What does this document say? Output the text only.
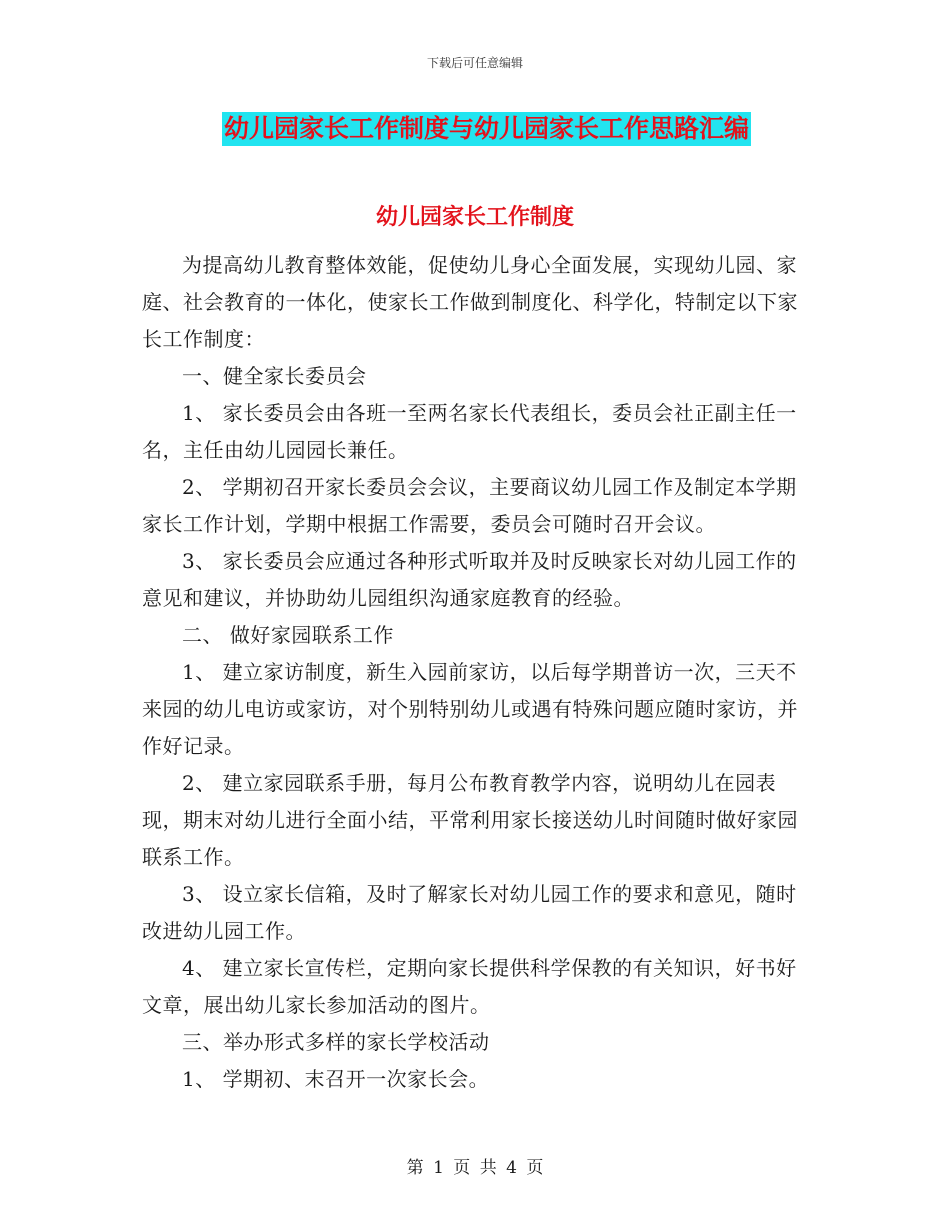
下载后可任意编辑
幼儿园家长工作制度与幼儿园家长工作思路汇编
幼儿园家长工作制度

为提高幼儿教育整体效能，促使幼儿身心全面发展，实现幼儿园、家庭、社会教育的一体化，使家长工作做到制度化、科学化，特制定以下家长工作制度：

一、健全家长委员会

1、 家长委员会由各班一至两名家长代表组长，委员会社正副主任一名，主任由幼儿园园长兼任。

2、 学期初召开家长委员会会议，主要商议幼儿园工作及制定本学期家长工作计划，学期中根据工作需要，委员会可随时召开会议。

3、 家长委员会应通过各种形式听取并及时反映家长对幼儿园工作的意见和建议，并协助幼儿园组织沟通家庭教育的经验。

二、 做好家园联系工作

1、 建立家访制度，新生入园前家访，以后每学期普访一次，三天不来园的幼儿电访或家访，对个别特别幼儿或遇有特殊问题应随时家访，并作好记录。

2、 建立家园联系手册，每月公布教育教学内容，说明幼儿在园表现，期末对幼儿进行全面小结，平常利用家长接送幼儿时间随时做好家园联系工作。

3、 设立家长信箱，及时了解家长对幼儿园工作的要求和意见，随时改进幼儿园工作。

4、 建立家长宣传栏，定期向家长提供科学保教的有关知识，好书好文章，展出幼儿家长参加活动的图片。

三、举办形式多样的家长学校活动

1、 学期初、末召开一次家长会。

第 1 页 共 4 页
